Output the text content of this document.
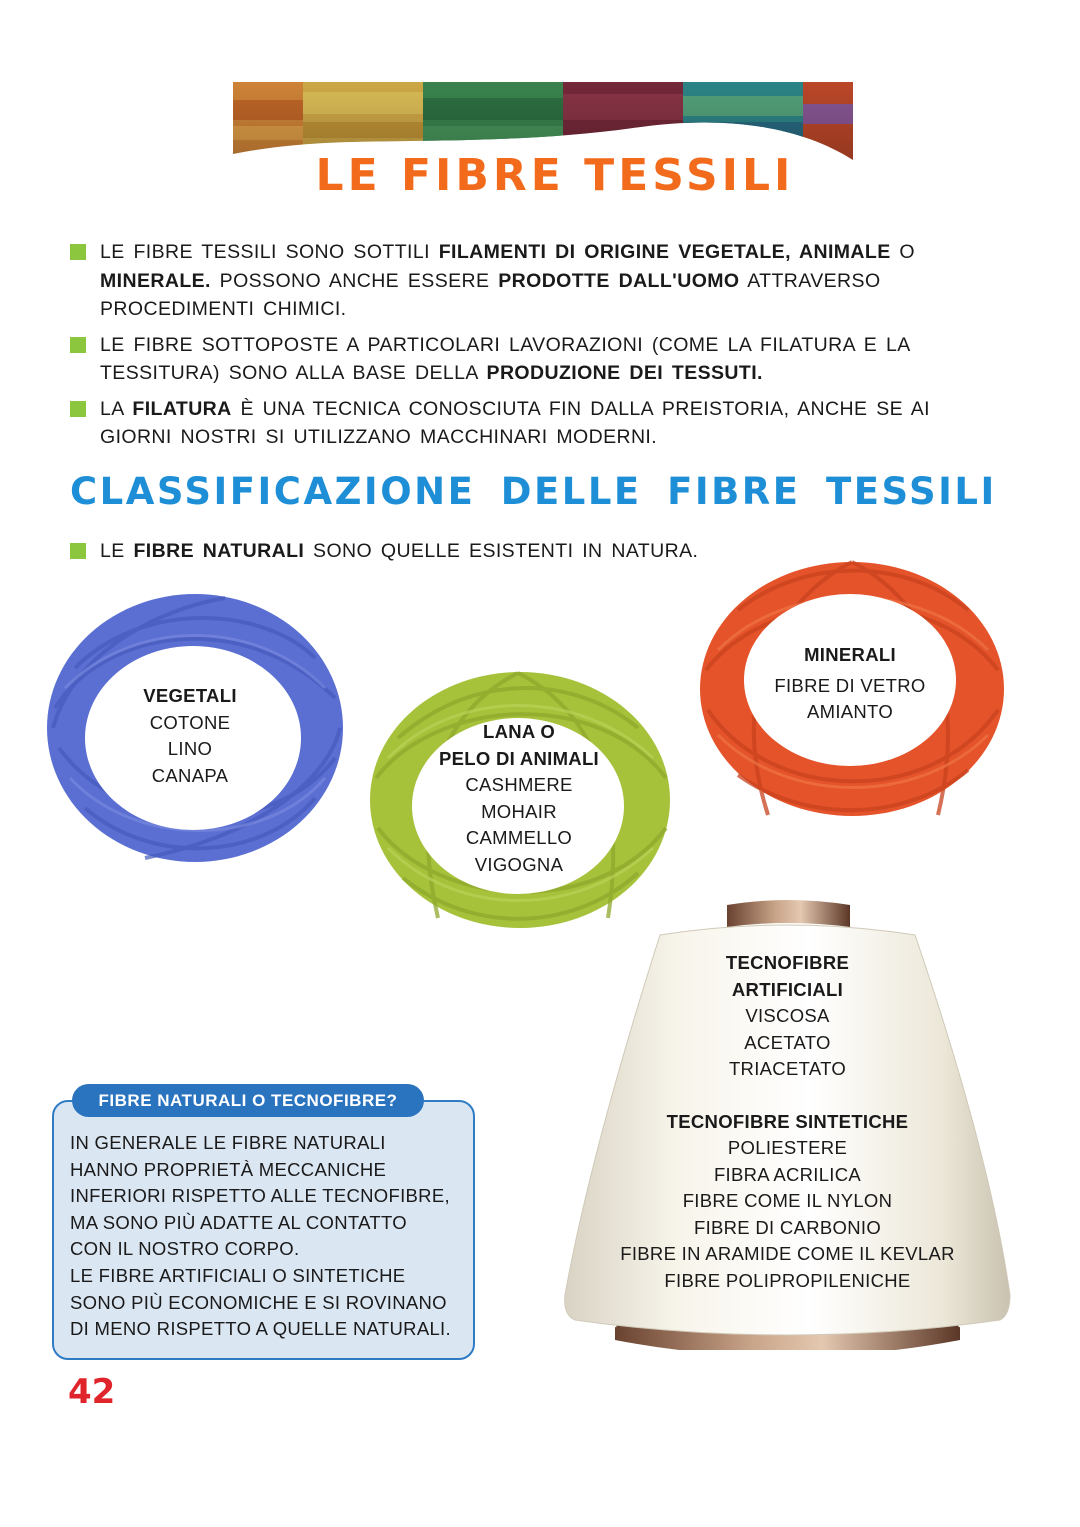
LE FIBRE TESSILI

LE FIBRE TESSILI SONO SOTTILI FILAMENTI DI ORIGINE VEGETALE, ANIMALE O MINERALE. POSSONO ANCHE ESSERE PRODOTTE DALL'UOMO ATTRAVERSO PROCEDIMENTI CHIMICI.

LE FIBRE SOTTOPOSTE A PARTICOLARI LAVORAZIONI (COME LA FILATURA E LA TESSITURA) SONO ALLA BASE DELLA PRODUZIONE DEI TESSUTI.

LA FILATURA È UNA TECNICA CONOSCIUTA FIN DALLA PREISTORIA, ANCHE SE AI GIORNI NOSTRI SI UTILIZZANO MACCHINARI MODERNI.

CLASSIFICAZIONE DELLE FIBRE TESSILI

LE FIBRE NATURALI SONO QUELLE ESISTENTI IN NATURA.

VEGETALI
COTONE
LINO
CANAPA
LANA O
PELO DI ANIMALI
CASHMERE
MOHAIR
CAMMELLO
VIGOGNA
MINERALI
FIBRE DI VETRO
AMIANTO
TECNOFIBRE
ARTIFICIALI
VISCOSA
ACETATO
TRIACETATO
TECNOFIBRE SINTETICHE
POLIESTERE
FIBRA ACRILICA
FIBRE COME IL NYLON
FIBRE DI CARBONIO
FIBRE IN ARAMIDE COME IL KEVLAR
FIBRE POLIPROPILENICHE
FIBRE NATURALI O TECNOFIBRE?
IN GENERALE LE FIBRE NATURALI
HANNO PROPRIETÀ MECCANICHE
INFERIORI RISPETTO ALLE TECNOFIBRE,
MA SONO PIÙ ADATTE AL CONTATTO
CON IL NOSTRO CORPO.
LE FIBRE ARTIFICIALI O SINTETICHE
SONO PIÙ ECONOMICHE E SI ROVINANO
DI MENO RISPETTO A QUELLE NATURALI.
42
